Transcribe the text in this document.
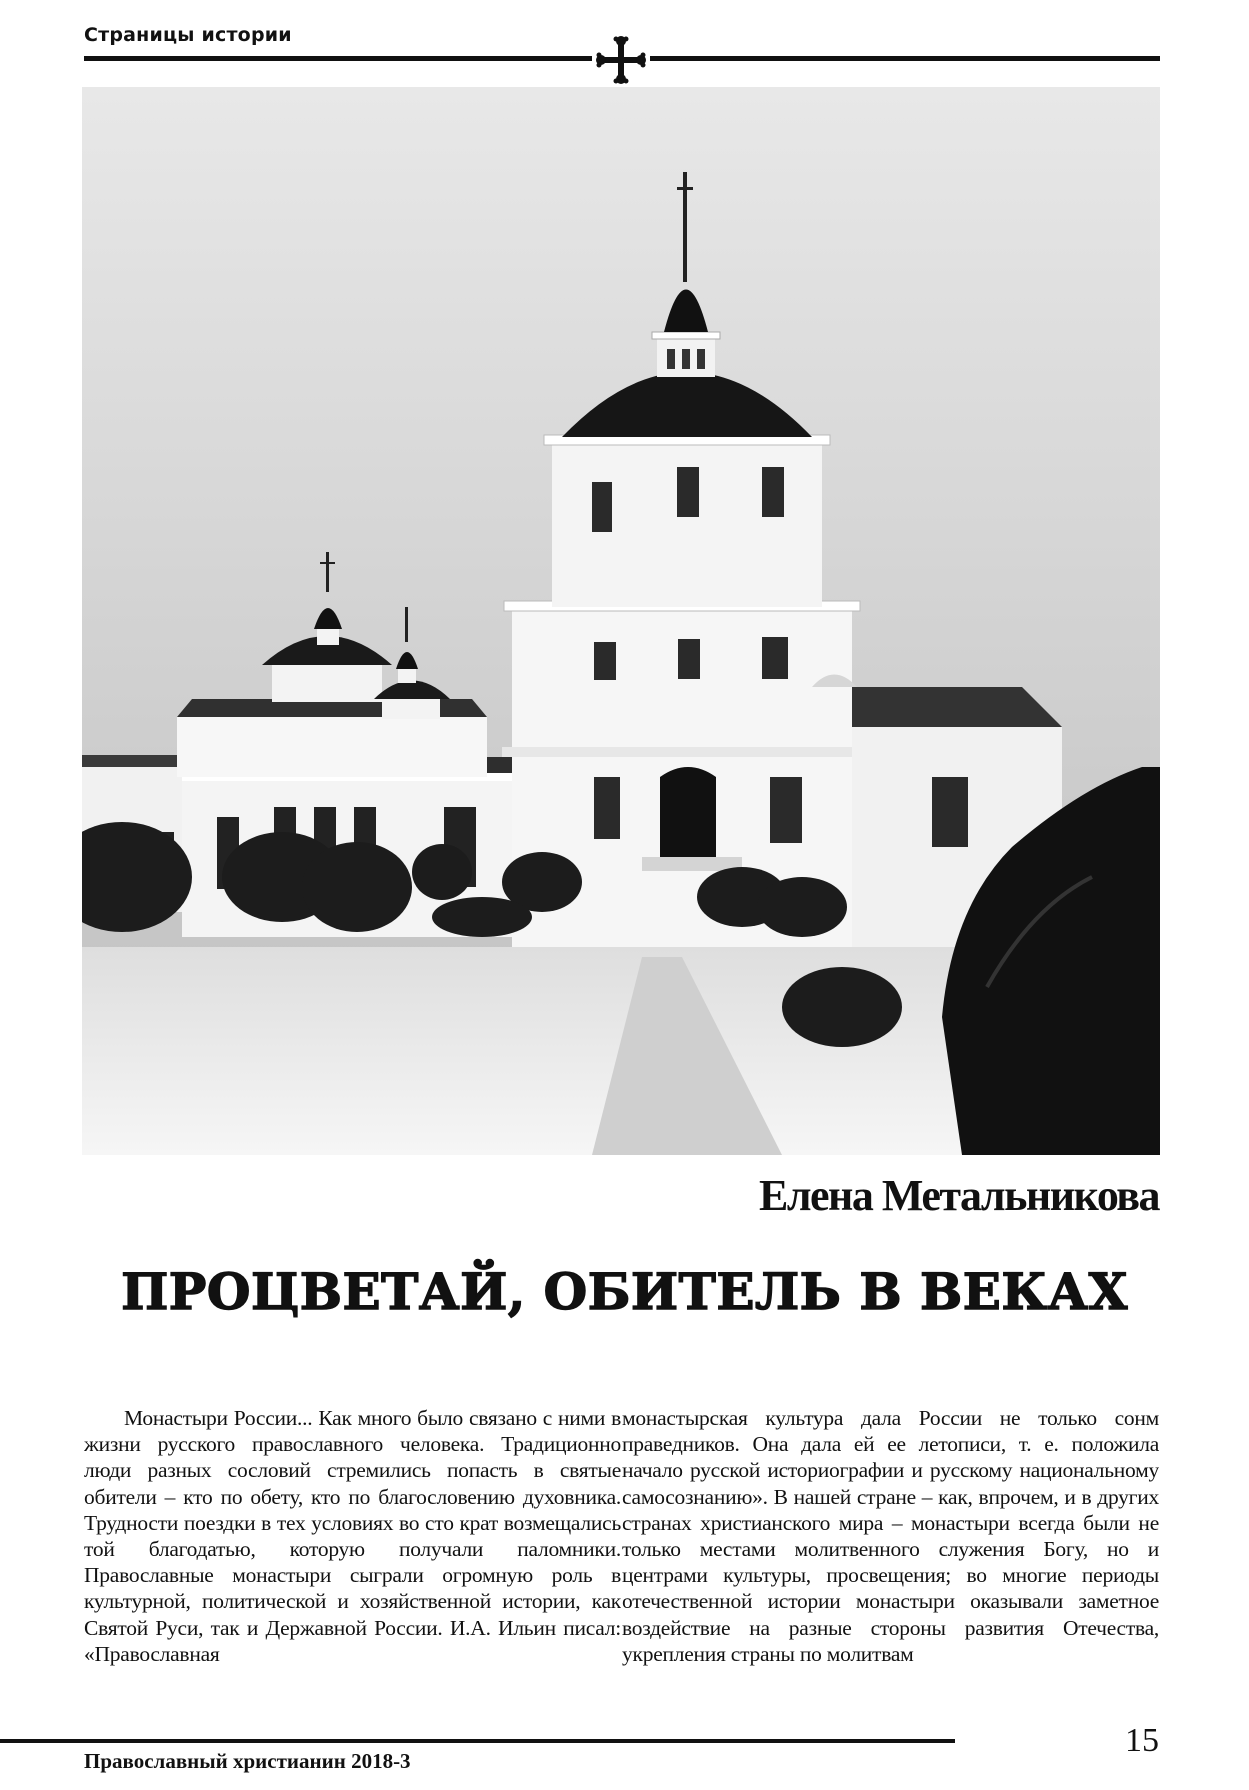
Страницы истории
Елена Метальникова
ПРОЦВЕТАЙ, ОБИТЕЛЬ В ВЕКАХ

Монастыри России... Как много было связано с ними в жизни русского православного человека. Традиционно люди разных сословий стремились попасть в святые обители – кто по обету, кто по благословению духовника. Трудности поездки в тех условиях во сто крат возмещались той благодатью, которую получали паломники. Православные монастыри сыграли огромную роль в культурной, политической и хозяйственной истории, как Святой Руси, так и Державной России. И.А. Ильин писал: «Православная

монастырская культура дала России не только сонм праведников. Она дала ей ее летописи, т. е. положила начало русской историографии и русскому национальному самосознанию». В нашей стране – как, впрочем, и в других странах христианского мира – монастыри всегда были не только местами молитвенного служения Богу, но и центрами культуры, просвещения; во многие периоды отечественной истории монастыри оказывали заметное воздействие на разные стороны развития Отечества, укрепления страны по молитвам

Православный христианин 2018-3
15
